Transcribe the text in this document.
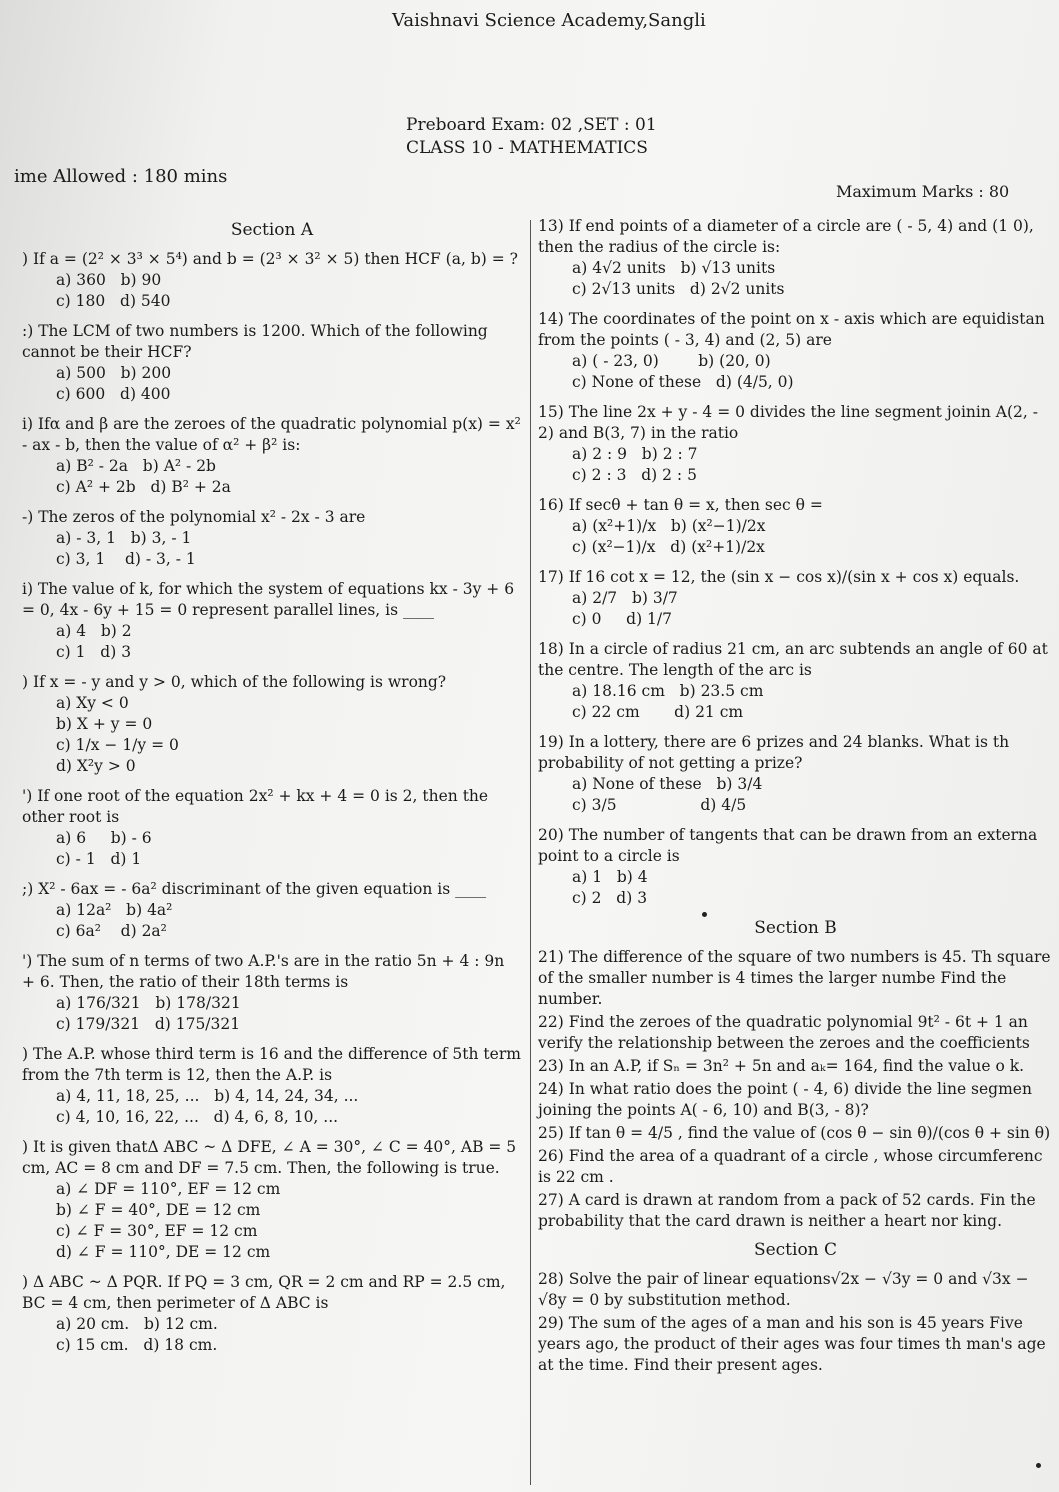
Vaishnavi Science Academy,Sangli
Preboard Exam: 02 ,SET : 01
CLASS 10 - MATHEMATICS
ime Allowed : 180 mins
Maximum Marks : 80
Section A
) If a = (2² × 3³ × 5⁴) and b = (2³ × 3² × 5) then HCF (a, b) = ?
a) 360   b) 90
c) 180   d) 540
:) The LCM of two numbers is 1200. Which of the following cannot be their HCF?
a) 500   b) 200
c) 600   d) 400
i) Ifα and β are the zeroes of the quadratic polynomial p(x) = x² - ax - b, then the value of α² + β² is:
a) B² - 2a   b) A² - 2b
c) A² + 2b   d) B² + 2a
-) The zeros of the polynomial x² - 2x - 3 are
a) - 3, 1   b) 3, - 1
c) 3, 1    d) - 3, - 1
i) The value of k, for which the system of equations kx - 3y + 6 = 0, 4x - 6y + 15 = 0 represent parallel lines, is ____
a) 4   b) 2
c) 1   d) 3
) If x = - y and y > 0, which of the following is wrong?
a) Xy < 0
b) X + y = 0
c) 1/x − 1/y = 0
d) X²y > 0
') If one root of the equation 2x² + kx + 4 = 0 is 2, then the other root is
a) 6     b) - 6
c) - 1   d) 1
;) X² - 6ax = - 6a² discriminant of the given equation is ____
a) 12a²   b) 4a²
c) 6a²    d) 2a²
') The sum of n terms of two A.P.'s are in the ratio 5n + 4 : 9n + 6. Then, the ratio of their 18th terms is
a) 176/321   b) 178/321
c) 179/321   d) 175/321
) The A.P. whose third term is 16 and the difference of 5th term from the 7th term is 12, then the A.P. is
a) 4, 11, 18, 25, ...   b) 4, 14, 24, 34, ...
c) 4, 10, 16, 22, ...   d) 4, 6, 8, 10, ...
) It is given thatΔ ABC ~ Δ DFE, ∠ A = 30°, ∠ C = 40°, AB = 5 cm, AC = 8 cm and DF = 7.5 cm. Then, the following is true.
a) ∠ DF = 110°, EF = 12 cm
b) ∠ F = 40°, DE = 12 cm
c) ∠ F = 30°, EF = 12 cm
d) ∠ F = 110°, DE = 12 cm
) Δ ABC ~ Δ PQR. If PQ = 3 cm, QR = 2 cm and RP = 2.5 cm, BC = 4 cm, then perimeter of Δ ABC is
a) 20 cm.   b) 12 cm.
c) 15 cm.   d) 18 cm.
13) If end points of a diameter of a circle are ( - 5, 4) and (1 0), then the radius of the circle is:
a) 4√2 units   b) √13 units
c) 2√13 units   d) 2√2 units
14) The coordinates of the point on x - axis which are equidistan from the points ( - 3, 4) and (2, 5) are
a) ( - 23, 0)        b) (20, 0)
c) None of these   d) (4/5, 0)
15) The line 2x + y - 4 = 0 divides the line segment joinin A(2, - 2) and B(3, 7) in the ratio
a) 2 : 9   b) 2 : 7
c) 2 : 3   d) 2 : 5
16) If secθ + tan θ = x, then sec θ =
a) (x²+1)/x   b) (x²−1)/2x
c) (x²−1)/x   d) (x²+1)/2x
17) If 16 cot x = 12, the (sin x − cos x)/(sin x + cos x) equals.
a) 2/7   b) 3/7
c) 0     d) 1/7
18) In a circle of radius 21 cm, an arc subtends an angle of 60 at the centre. The length of the arc is
a) 18.16 cm   b) 23.5 cm
c) 22 cm       d) 21 cm
19) In a lottery, there are 6 prizes and 24 blanks. What is th probability of not getting a prize?
a) None of these   b) 3/4
c) 3/5                 d) 4/5
20) The number of tangents that can be drawn from an externa point to a circle is
a) 1   b) 4
c) 2   d) 3
Section B
21) The difference of the square of two numbers is 45. Th square of the smaller number is 4 times the larger numbe Find the number.
22) Find the zeroes of the quadratic polynomial 9t² - 6t + 1 an verify the relationship between the zeroes and the coefficients
23) In an A.P, if Sₙ = 3n² + 5n and aₖ= 164, find the value o k.
24) In what ratio does the point ( - 4, 6) divide the line segmen joining the points A( - 6, 10) and B(3, - 8)?
25) If tan θ = 4/5 , find the value of (cos θ − sin θ)/(cos θ + sin θ)
26) Find the area of a quadrant of a circle , whose circumferenc is 22 cm .
27) A card is drawn at random from a pack of 52 cards. Fin the probability that the card drawn is neither a heart nor king.
Section C
28) Solve the pair of linear equations√2x − √3y = 0 and √3x − √8y = 0 by substitution method.
29) The sum of the ages of a man and his son is 45 years Five years ago, the product of their ages was four times th man's age at the time. Find their present ages.
